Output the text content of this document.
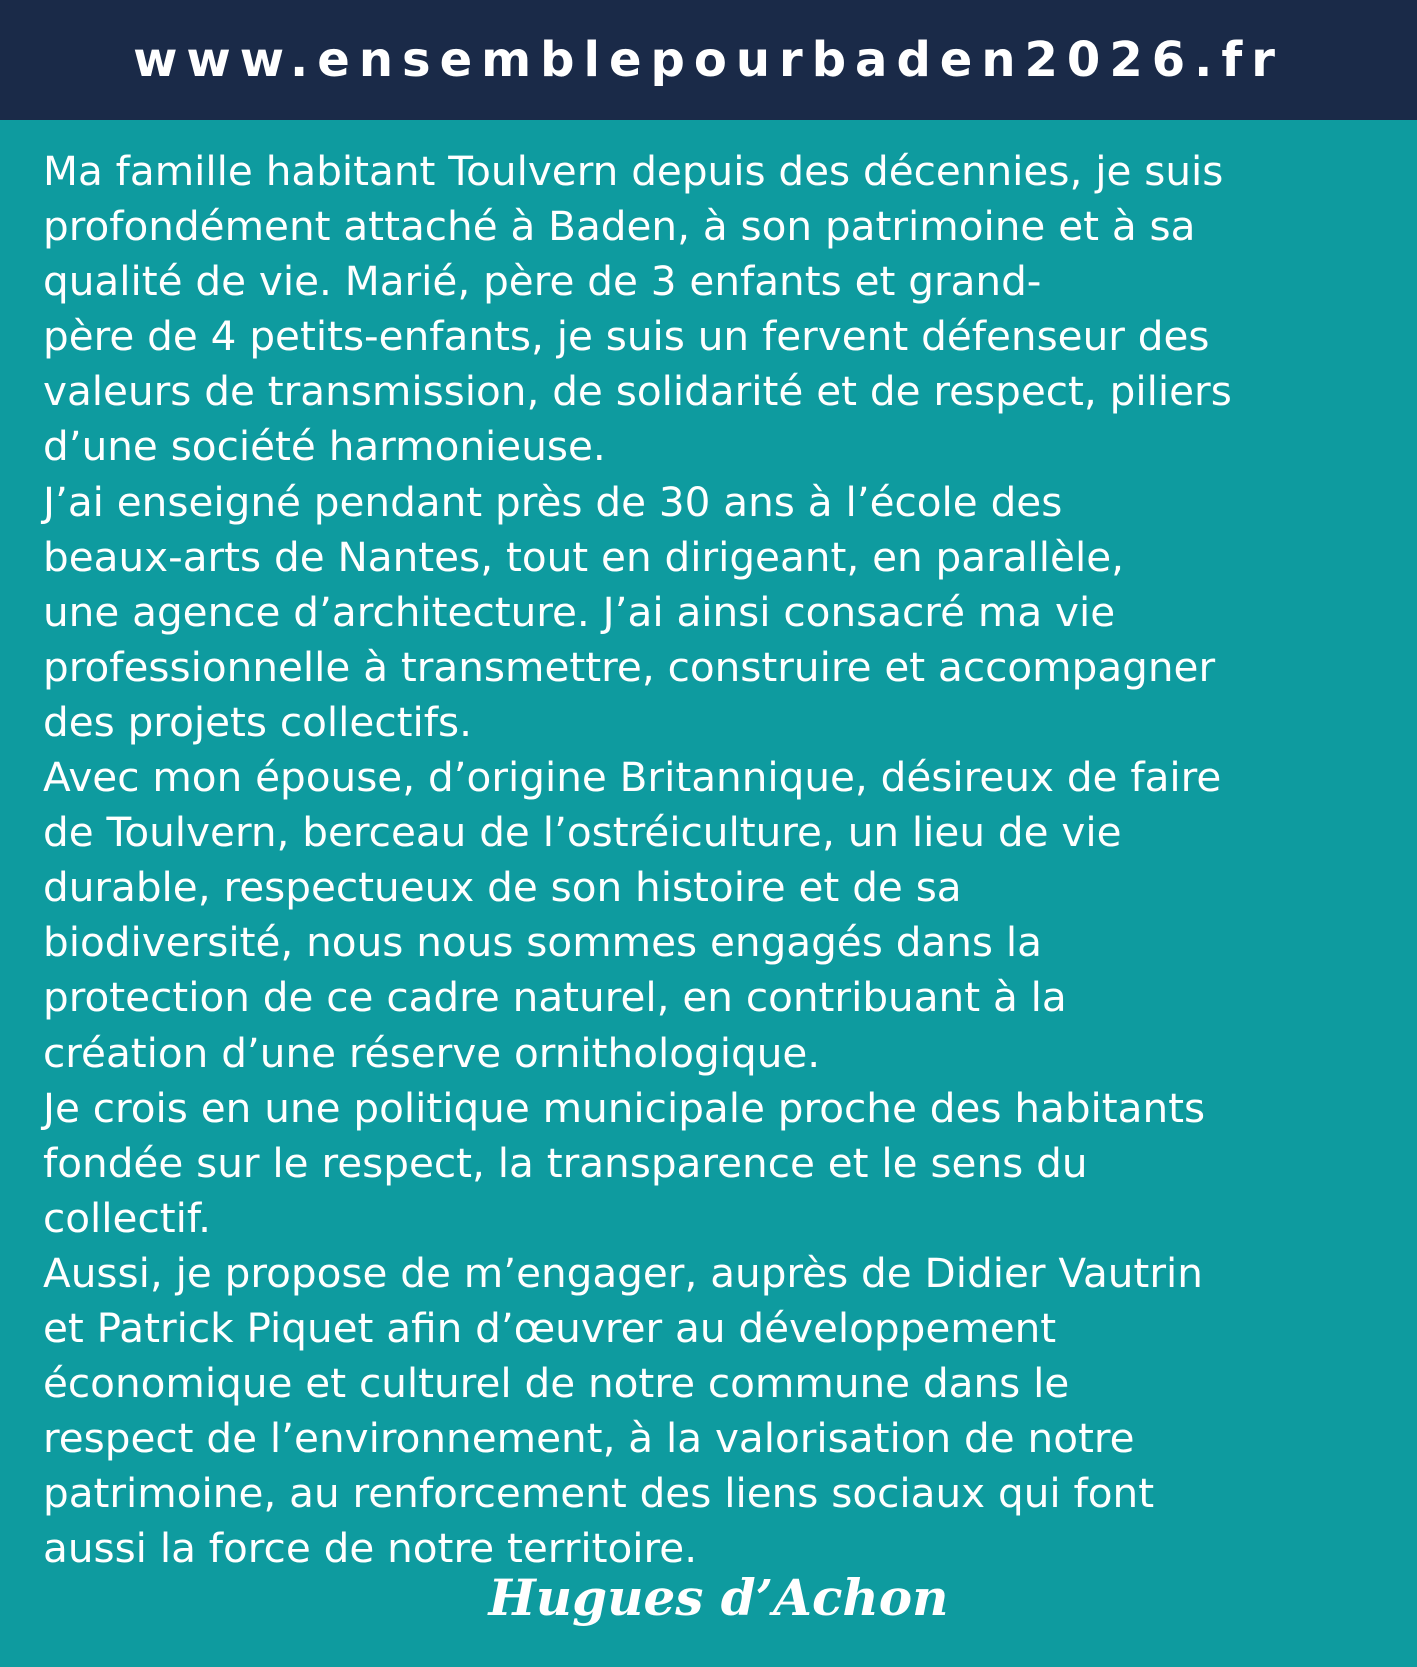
www.ensemblepourbaden2026.fr
Ma famille habitant Toulvern depuis des décennies, je suis
profondément attaché à Baden, à son patrimoine et à sa
qualité de vie. Marié, père de 3 enfants et grand-
père de 4 petits-enfants, je suis un fervent défenseur des
valeurs de transmission, de solidarité et de respect, piliers
d’une société harmonieuse.
J’ai enseigné pendant près de 30 ans à l’école des
beaux-arts de Nantes, tout en dirigeant, en parallèle,
une agence d’architecture. J’ai ainsi consacré ma vie
professionnelle à transmettre, construire et accompagner
des projets collectifs.
Avec mon épouse, d’origine Britannique, désireux de faire
de Toulvern, berceau de l’ostréiculture, un lieu de vie
durable, respectueux de son histoire et de sa
biodiversité, nous nous sommes engagés dans la
protection de ce cadre naturel, en contribuant à la
création d’une réserve ornithologique.
Je crois en une politique municipale proche des habitants
fondée sur le respect, la transparence et le sens du
collectif.
Aussi, je propose de m’engager, auprès de Didier Vautrin
et Patrick Piquet afin d’œuvrer au développement
économique et culturel de notre commune dans le
respect de l’environnement, à la valorisation de notre
patrimoine, au renforcement des liens sociaux qui font
aussi la force de notre territoire.
Hugues d’Achon
